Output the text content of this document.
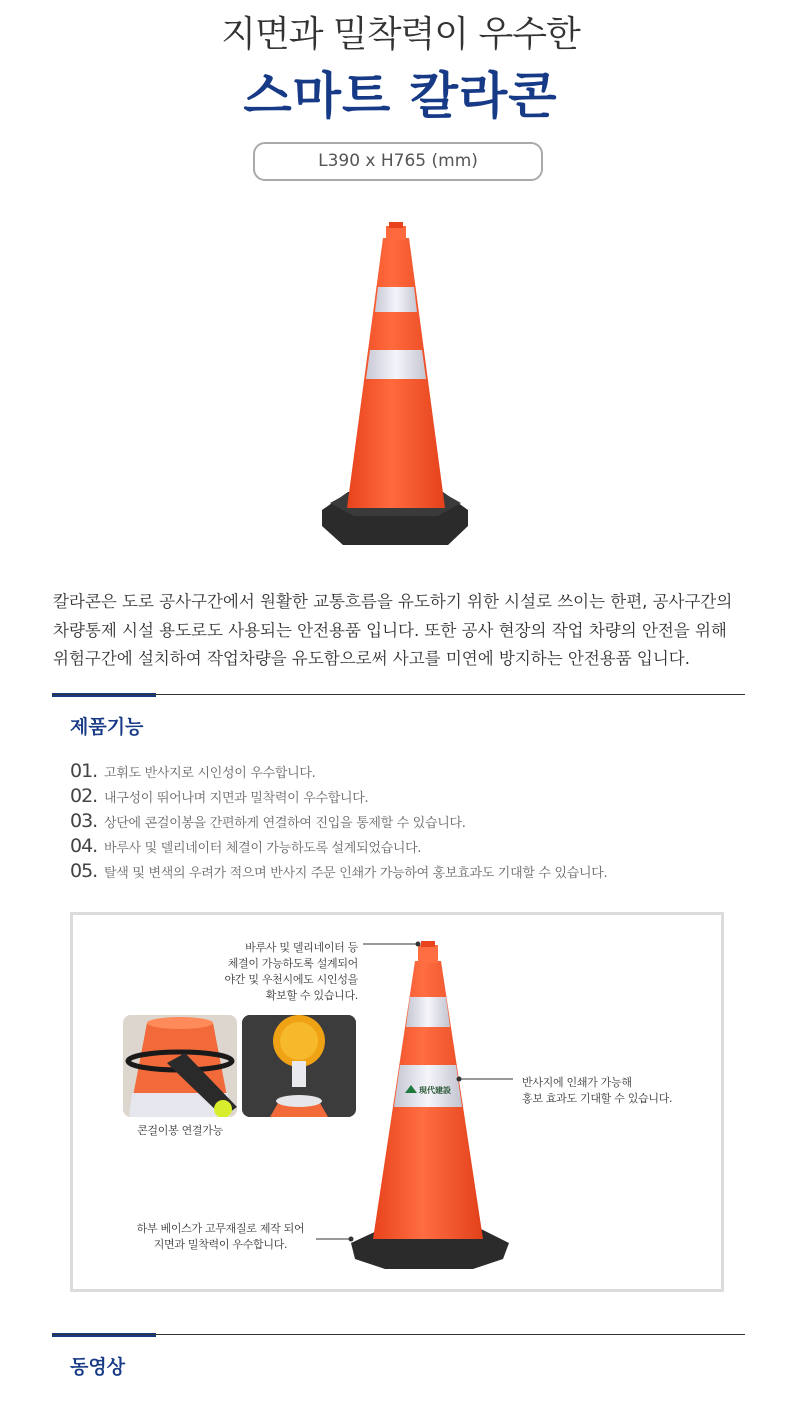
지면과 밀착력이 우수한
스마트 칼라콘
L390 x H765 (mm)

칼라콘은 도로 공사구간에서 원활한 교통흐름을 유도하기 위한 시설로 쓰이는 한편, 공사구간의

차량통제 시설 용도로도 사용되는 안전용품 입니다. 또한 공사 현장의 작업 차량의 안전을 위해

위험구간에 설치하여 작업차량을 유도함으로써 사고를 미연에 방지하는 안전용품 입니다.

제품기능
01. 고휘도 반사지로 시인성이 우수합니다.
02. 내구성이 뛰어나며 지면과 밀착력이 우수합니다.
03. 상단에 콘걸이봉을 간편하게 연결하여 진입을 통제할 수 있습니다.
04. 바루사 및 델리네이터 체결이 가능하도록 설계되었습니다.
05. 탈색 및 변색의 우려가 적으며 반사지 주문 인쇄가 가능하여 홍보효과도 기대할 수 있습니다.
바루사 및 델리네이터 등
체결이 가능하도록 설계되어
야간 및 우천시에도 시인성을
확보할 수 있습니다.
콘걸이봉 연결가능
現代建設
반사지에 인쇄가 가능해
홍보 효과도 기대할 수 있습니다.
하부 베이스가 고무재질로 제작 되어
지면과 밀착력이 우수합니다.
동영상
